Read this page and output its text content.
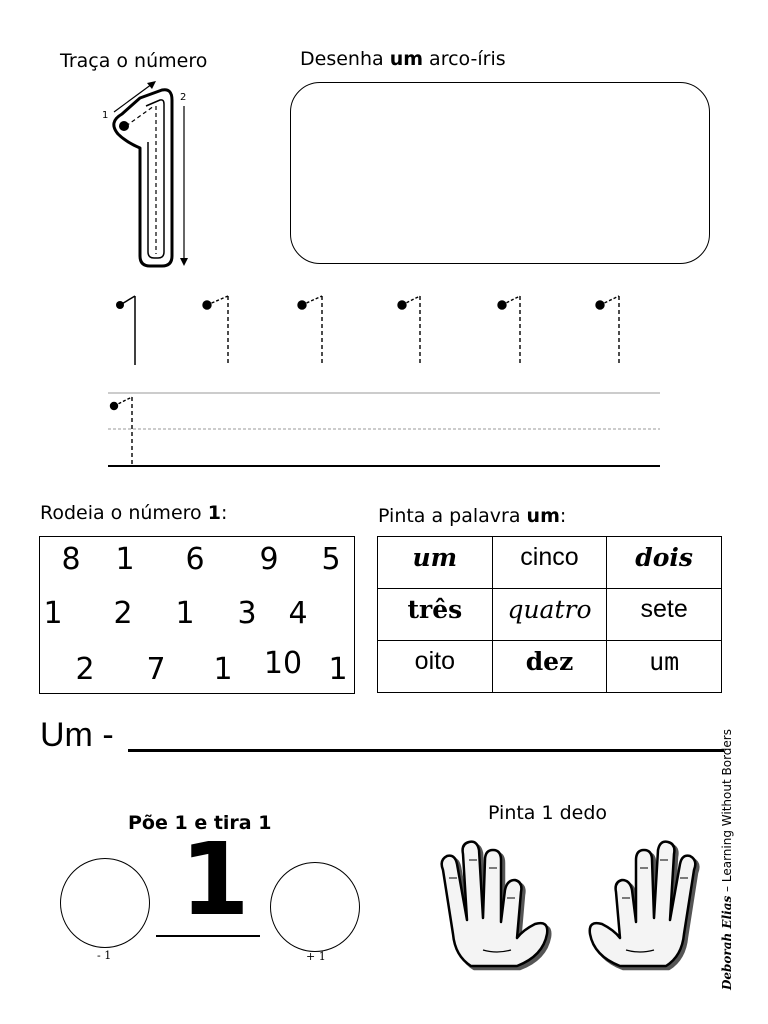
Traça o número
1
2
Desenha um arco-íris
Rodeia o número 1:
8 1 6 9 5
1 2 1 3 4
2 7 1 10 1
Pinta a palavra um:
um	cinco	dois
três	quatro	sete
oito	dez	um
Um -
Põe 1 e tira 1
- 1
1
+ 1
Pinta 1 dedo
Deborah Elias – Learning Without Borders
